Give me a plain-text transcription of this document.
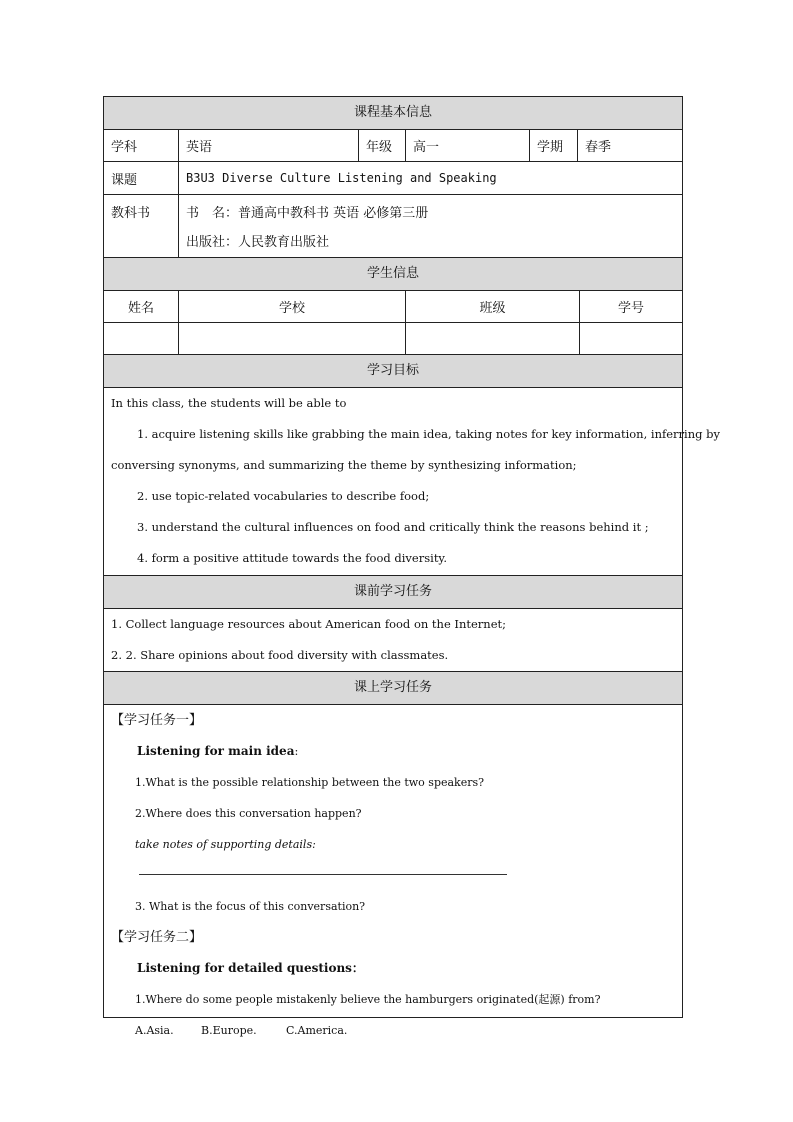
课程基本信息
学科	英语	年级	高一	学期	春季
课题	B3U3 Diverse Culture Listening and Speaking
教科书	书　名：普通高中教科书 英语 必修第三册
出版社：人民教育出版社
学生信息
姓名	学校	班级	学号
学习目标
In this class, the students will be able to
1. acquire listening skills like grabbing the main idea, taking notes for key information, inferring by
conversing synonyms, and summarizing the theme by synthesizing information;
2. use topic-related vocabularies to describe food;
3. understand the cultural influences on food and critically think the reasons behind it ;
4. form a positive attitude towards the food diversity.
课前学习任务
1. Collect language resources about American food on the Internet;
2. 2. Share opinions about food diversity with classmates.
课上学习任务
【学习任务一】
Listening for main idea:
1.What is the possible relationship between the two speakers?
2.Where does this conversation happen?
take notes of supporting details:
3. What is the focus of this conversation?
【学习任务二】
Listening for detailed questions：
1.Where do some people mistakenly believe the hamburgers originated(起源) from?
A.Asia. B.Europe.	C.America.
